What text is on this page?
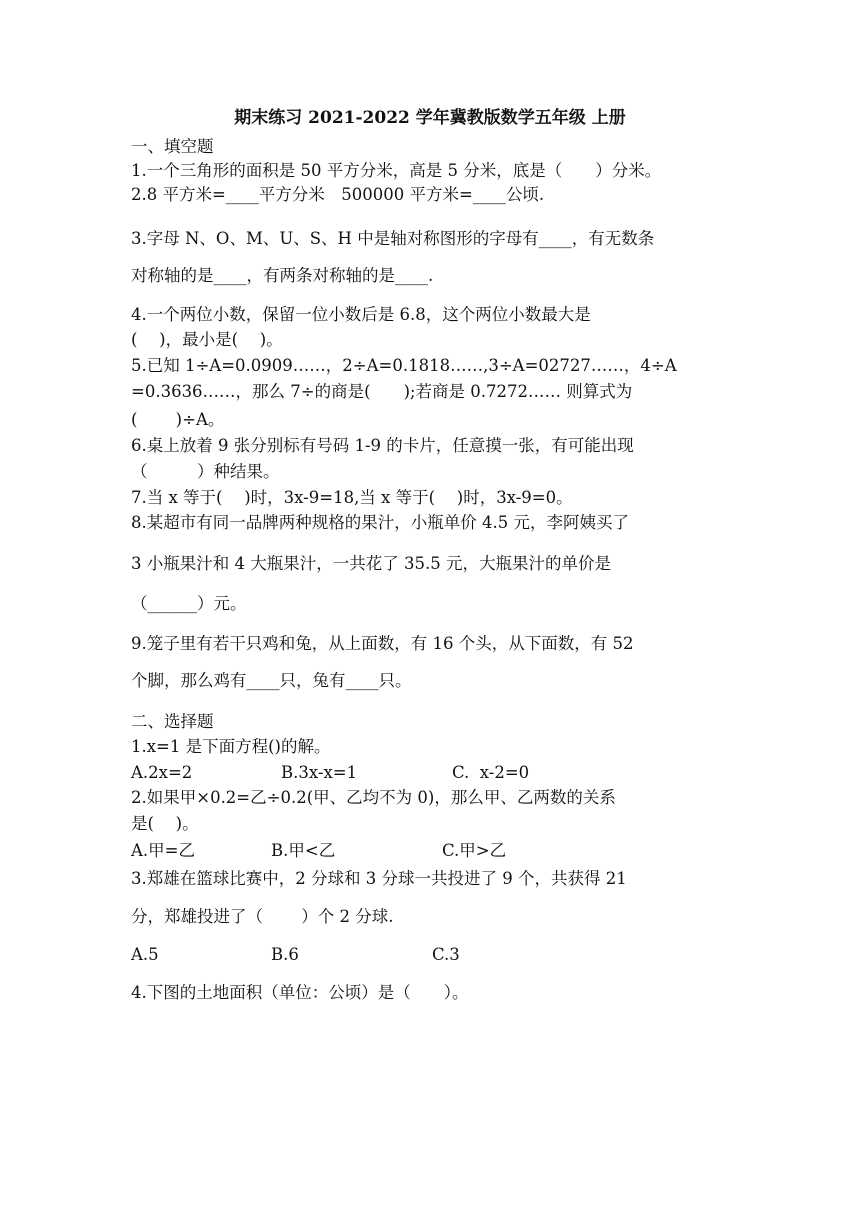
期末练习 2021-2022 学年冀教版数学五年级 上册

一、填空题

1.一个三角形的面积是 50 平方分米，高是 5 分米，底是（　　）分米。

2.8 平方米=____平方分米　500000 平方米=____公顷.

3.字母 N、O、M、U、S、H 中是轴对称图形的字母有____，有无数条

对称轴的是____，有两条对称轴的是____.

4.一个两位小数，保留一位小数后是 6.8，这个两位小数最大是

(　 )，最小是(　 )。

5.已知 1÷A=0.0909……，2÷A=0.1818……,3÷A=02727……，4÷A

=0.3636……，那么 7÷的商是(　　);若商是 0.7272…… 则算式为

(　　 )÷A。

6.桌上放着 9 张分别标有号码 1-9 的卡片，任意摸一张，有可能出现

（　　　）种结果。

7.当 x 等于(　 )时，3x-9=18,当 x 等于(　 )时，3x-9=0。

8.某超市有同一品牌两种规格的果汁，小瓶单价 4.5 元，李阿姨买了

3 小瓶果汁和 4 大瓶果汁，一共花了 35.5 元，大瓶果汁的单价是

（______）元。

9.笼子里有若干只鸡和兔，从上面数，有 16 个头，从下面数，有 52

个脚，那么鸡有____只，兔有____只。

二、选择题

1.x=1 是下面方程()的解。

A.2x=2	B.3x-x=1	C.  x-2=0

2.如果甲×0.2=乙÷0.2(甲、乙均不为 0)，那么甲、乙两数的关系

是(　 )。

A.甲=乙	B.甲<乙	C.甲>乙

3.郑雄在篮球比赛中，2 分球和 3 分球一共投进了 9 个，共获得 21

分，郑雄投进了（　　 ）个 2 分球.

A.5	B.6	C.3

4.下图的土地面积（单位：公顷）是（　　）。
